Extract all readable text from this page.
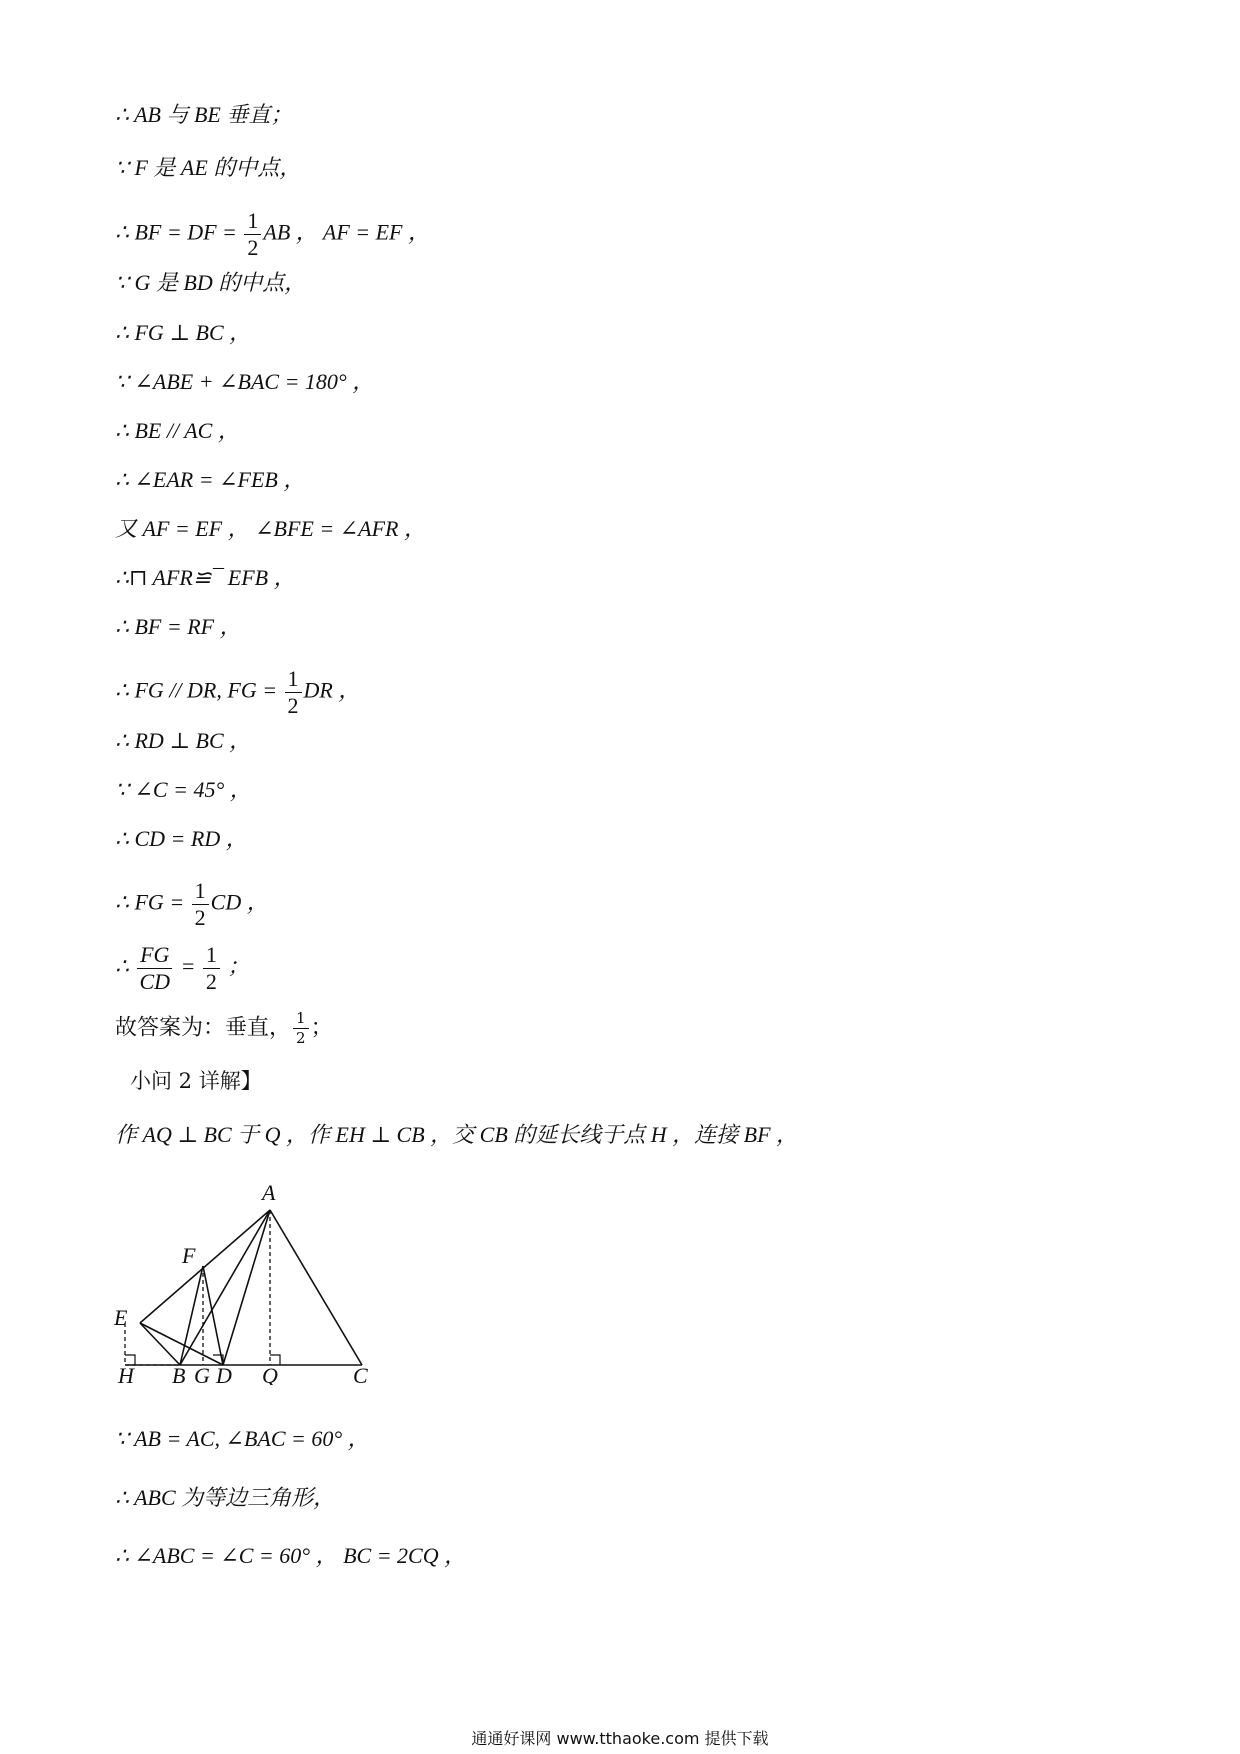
∴ AB 与 BE 垂直；
∵ F 是 AE 的中点，
∴ BF = DF = $\frac{1}{2}$ AB ， AF = EF ，
∵ G 是 BD 的中点，
∴ FG ⊥ BC ，
∵ ∠ABE + ∠BAC = 180° ，
∴ BE // AC ，
∴ ∠EAR = ∠FEB ，
又 AF = EF ， ∠BFE = ∠AFR ，
∴⊓ AFR≌¯ EFB ，
∴ BF = RF ，
∴ FG // DR, FG = $\frac{1}{2}$ DR ，
∴ RD ⊥ BC ，
∵ ∠C = 45° ，
∴ CD = RD ，
∴ FG = $\frac{1}{2}$ CD ，
∴ $\frac{FG}{CD} = \frac{1}{2}$ ；
故答案为：垂直， $\frac{1}{2}$ ；
小问 2 详解】
作 AQ ⊥ BC 于 Q ，作 EH ⊥ CB ，交 CB 的延长线于点 H ，连接 BF ，
A
F
E
H B G D Q	C
∵ AB = AC, ∠BAC = 60° ，
∴ ABC 为等边三角形，
∴ ∠ABC = ∠C = 60° ， BC = 2CQ ，
通通好课网 www.tthaoke.com 提供下载
